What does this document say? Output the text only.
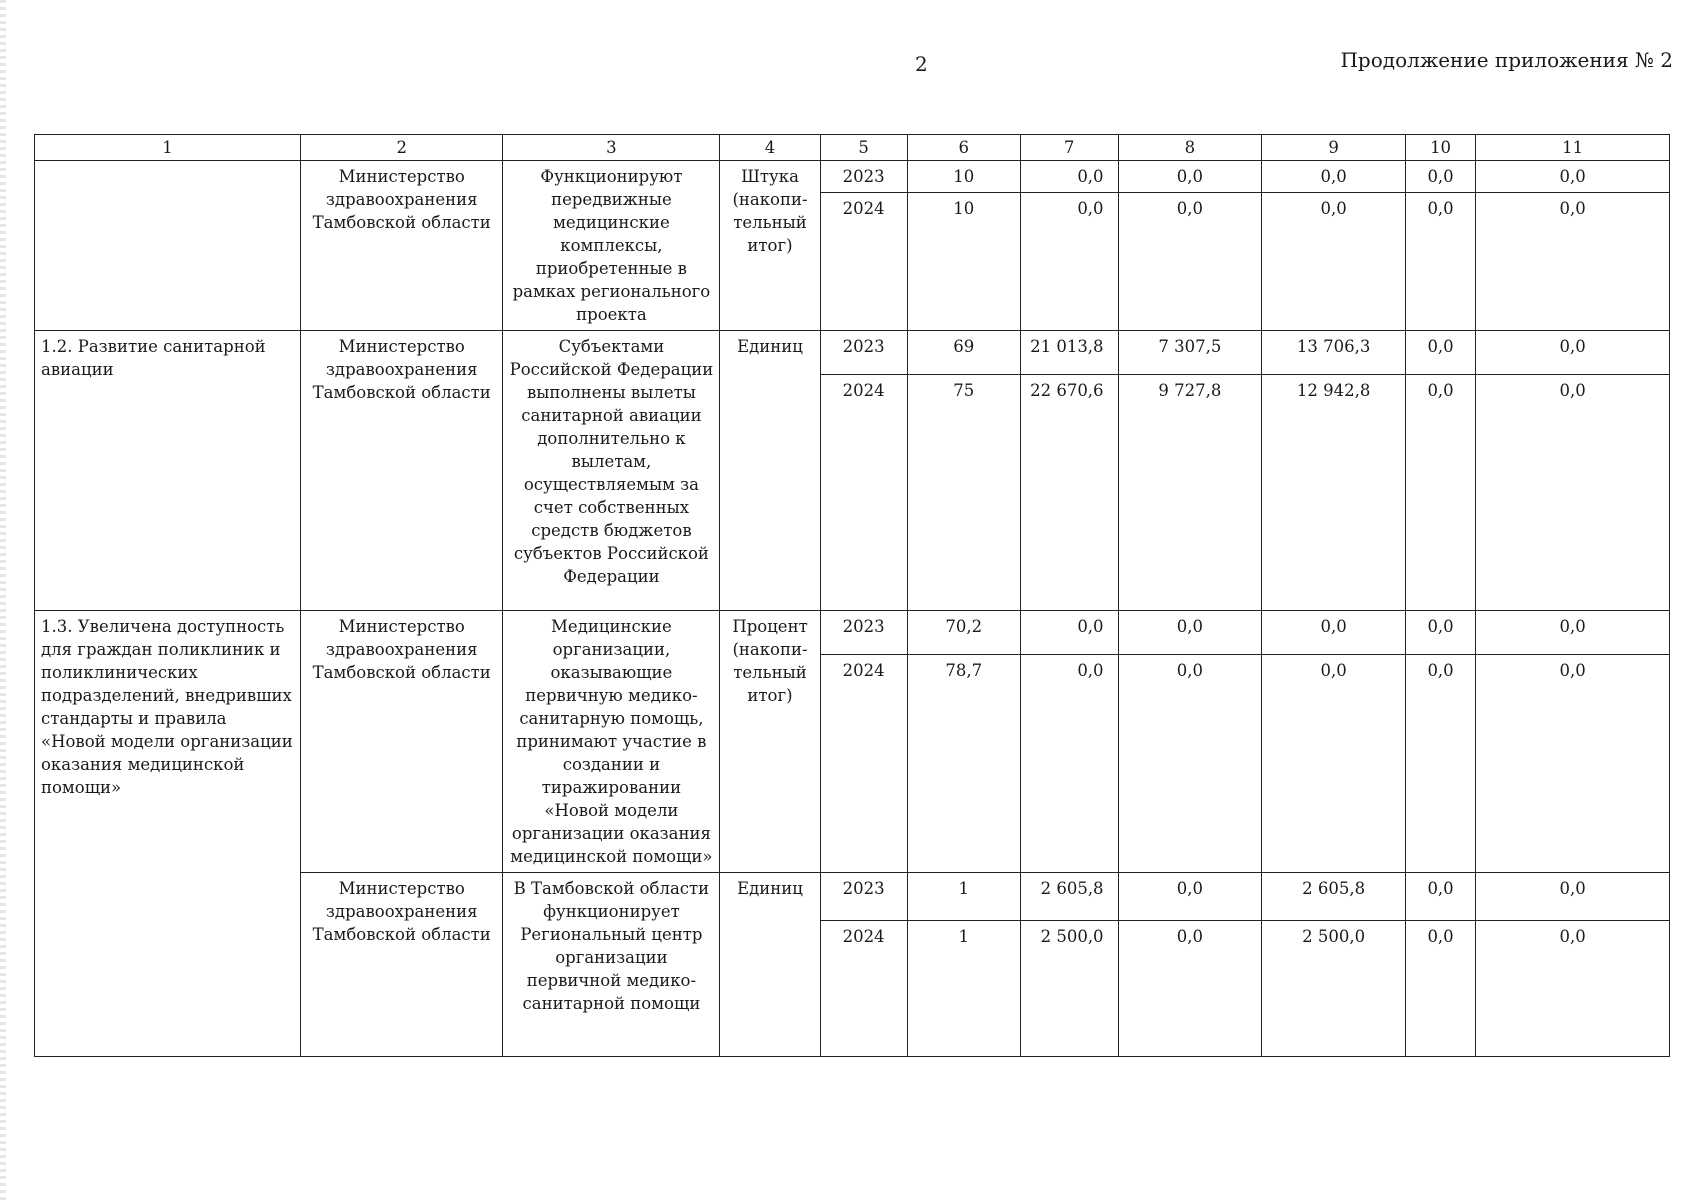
2	Продолжение приложения № 2
1	2	3	4	5	6	7	8	9	10	11
	Министерство здравоохранения Тамбовской области	Функционируют передвижные медицинские комплексы, приобретенные в рамках регионального проекта	Штука (накопи-тельный итог)	2023	10	0,0	0,0	0,0	0,0	0,0
				2024	10	0,0	0,0	0,0	0,0	0,0
1.2. Развитие санитарной авиации	Министерство здравоохранения Тамбовской области	Субъектами Российской Федерации выполнены вылеты санитарной авиации дополнительно к вылетам, осуществляемым за счет собственных средств бюджетов субъектов Российской Федерации	Единиц	2023	69	21 013,8	7 307,5	13 706,3	0,0	0,0
				2024	75	22 670,6	9 727,8	12 942,8	0,0	0,0
1.3. Увеличена доступность для граждан поликлиник и поликлинических подразделений, внедривших стандарты и правила «Новой модели организации оказания медицинской помощи»	Министерство здравоохранения Тамбовской области	Медицинские организации, оказывающие первичную медико-санитарную помощь, принимают участие в создании и тиражировании «Новой модели организации оказания медицинской помощи»	Процент (накопи-тельный итог)	2023	70,2	0,0	0,0	0,0	0,0	0,0
				2024	78,7	0,0	0,0	0,0	0,0	0,0
	Министерство здравоохранения Тамбовской области	В Тамбовской области функционирует Региональный центр организации первичной медико-санитарной помощи	Единиц	2023	1	2 605,8	0,0	2 605,8	0,0	0,0
				2024	1	2 500,0	0,0	2 500,0	0,0	0,0
